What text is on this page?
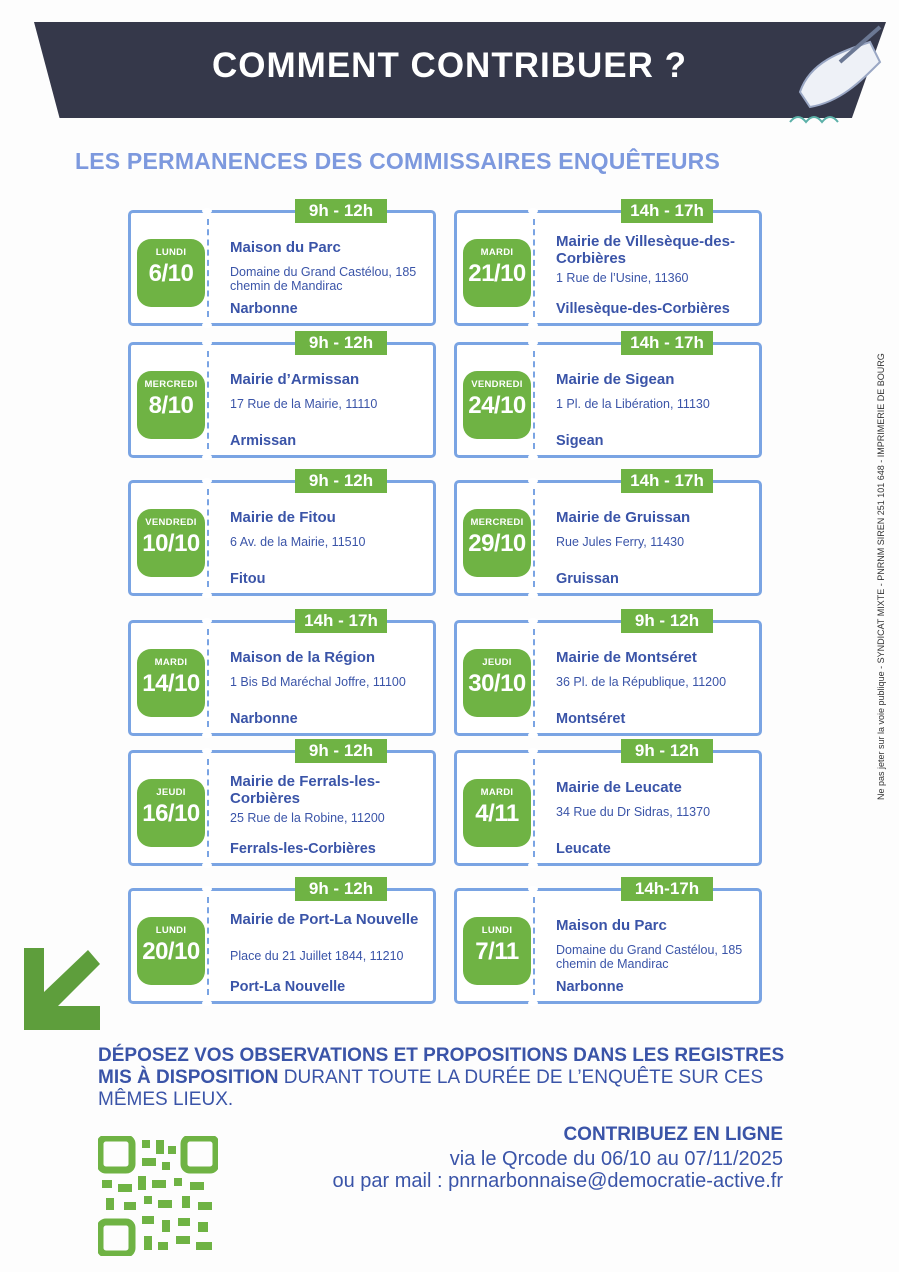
COMMENT CONTRIBUER ?
LES PERMANENCES DES COMMISSAIRES ENQUÊTEURS
9h - 12h
LUNDI
6/10
Maison du Parc
Domaine du Grand Castélou, 185 chemin de Mandirac
Narbonne
14h - 17h
MARDI
21/10
Mairie de Villesèque-des-Corbières
1 Rue de l’Usine, 11360
Villesèque-des-Corbières
9h - 12h
MERCREDI
8/10
Mairie d’Armissan
17 Rue de la Mairie, 11110
Armissan
14h - 17h
VENDREDI
24/10
Mairie de Sigean
1 Pl. de la Libération, 11130
Sigean
9h - 12h
VENDREDI
10/10
Mairie de Fitou
6 Av. de la Mairie, 11510
Fitou
14h - 17h
MERCREDI
29/10
Mairie de Gruissan
Rue Jules Ferry, 11430
Gruissan
14h - 17h
MARDI
14/10
Maison de la Région
1 Bis Bd Maréchal Joffre, 11100
Narbonne
9h - 12h
JEUDI
30/10
Mairie de Montséret
36 Pl. de la République, 11200
Montséret
9h - 12h
JEUDI
16/10
Mairie de Ferrals-les-Corbières
25 Rue de la Robine, 11200
Ferrals-les-Corbières
9h - 12h
MARDI
4/11
Mairie de Leucate
34 Rue du Dr Sidras, 11370
Leucate
9h - 12h
LUNDI
20/10
Mairie de Port-La Nouvelle
Place du 21 Juillet 1844, 11210
Port-La Nouvelle
14h-17h
LUNDI
7/11
Maison du Parc
Domaine du Grand Castélou, 185 chemin de Mandirac
Narbonne
Ne pas jeter sur la voie publique - SYNDICAT MIXTE - PNRNM SIREN 251 101 648 - IMPRIMERIE DE BOURG
DÉPOSEZ VOS OBSERVATIONS ET PROPOSITIONS DANS LES REGISTRES MIS À DISPOSITION DURANT TOUTE LA DURÉE DE L’ENQUÊTE SUR CES MÊMES LIEUX.
CONTRIBUEZ EN LIGNE
via le Qrcode du 06/10 au 07/11/2025
ou par mail : pnrnarbonnaise@democratie-active.fr
